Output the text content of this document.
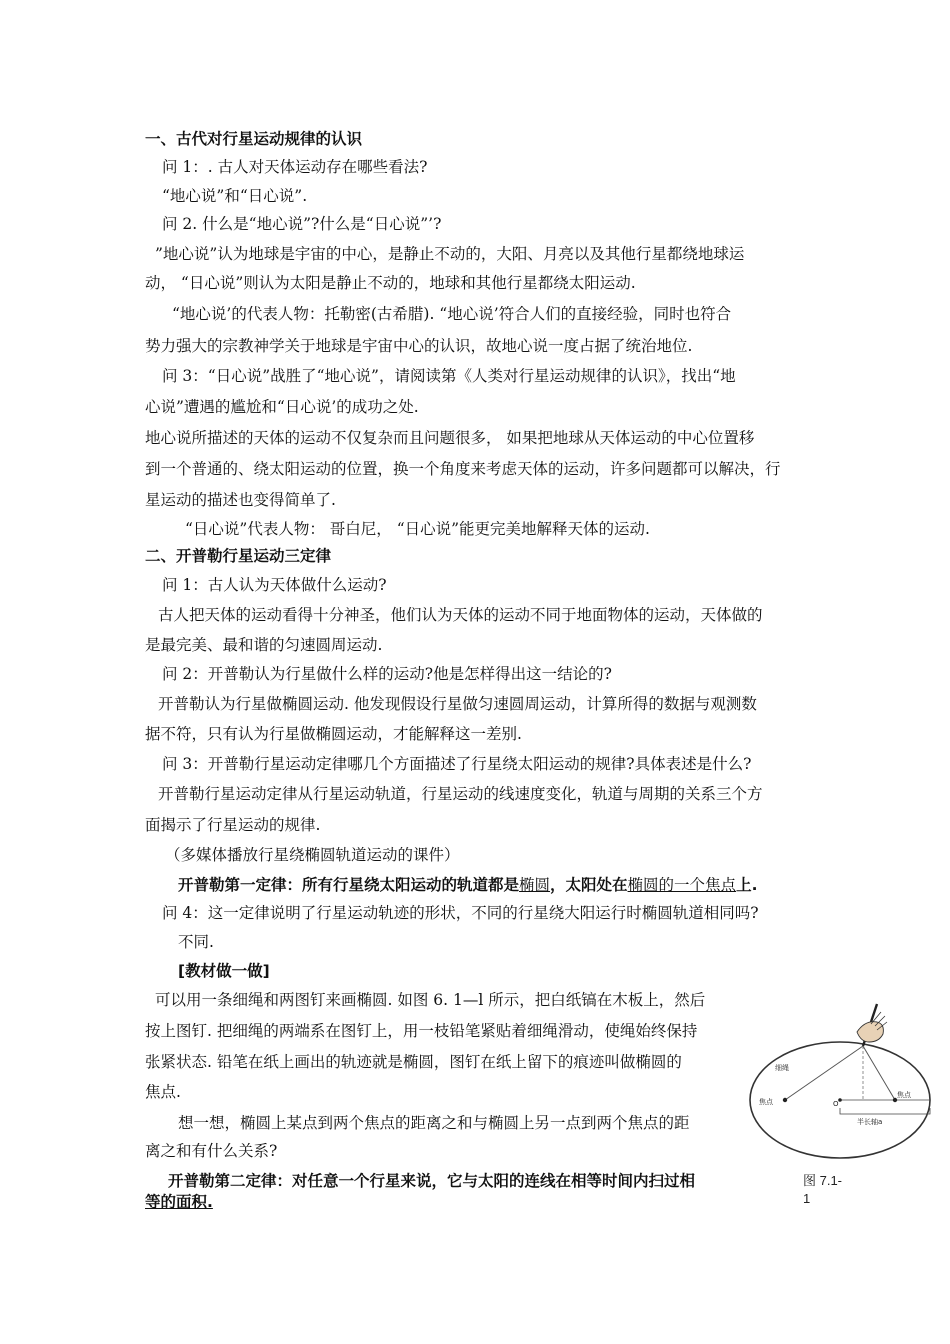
一、古代对行星运动规律的认识
问 1：. 古人对天体运动存在哪些看法?
“地心说”和“日心说”.
问 2. 什么是“地心说”?什么是“日心说”’?
”地心说”认为地球是宇宙的中心，是静止不动的，大阳、月亮以及其他行星都绕地球运
动， “日心说”则认为太阳是静止不动的，地球和其他行星都绕太阳运动.
“地心说’的代表人物：托勒密(古希腊). “地心说’符合人们的直接经验，同时也符合
势力强大的宗教神学关于地球是宇宙中心的认识，故地心说一度占据了统治地位.
问 3：“日心说”战胜了“地心说”，请阅读第《人类对行星运动规律的认识》，找出“地
心说”遭遇的尴尬和“日心说’的成功之处.
地心说所描述的天体的运动不仅复杂而且问题很多， 如果把地球从天体运动的中心位置移
到一个普通的、绕太阳运动的位置，换一个角度来考虑天体的运动，许多问题都可以解决，行
星运动的描述也变得简单了.
“日心说”代表人物： 哥白尼， “日心说”能更完美地解释天体的运动.
二、开普勒行星运动三定律
问 1：古人认为天体做什么运动?
古人把天体的运动看得十分神圣，他们认为天体的运动不同于地面物体的运动，天体做的
是最完美、最和谐的匀速圆周运动.
问 2：开普勒认为行星做什么样的运动?他是怎样得出这一结论的?
开普勒认为行星做椭圆运动. 他发现假设行星做匀速圆周运动，计算所得的数据与观测数
据不符，只有认为行星做椭圆运动，才能解释这一差别.
问 3：开普勒行星运动定律哪几个方面描述了行星绕太阳运动的规律?具体表述是什么?
开普勒行星运动定律从行星运动轨道，行星运动的线速度变化，轨道与周期的关系三个方
面揭示了行星运动的规律.
（多媒体播放行星绕椭圆轨道运动的课件）
开普勒第一定律：所有行星绕太阳运动的轨道都是椭圆，太阳处在椭圆的一个焦点上.
问 4：这一定律说明了行星运动轨迹的形状，不同的行星绕大阳运行时椭圆轨道相同吗?
不同.
[教材做一做]
可以用一条细绳和两图钉来画椭圆. 如图 6. 1—l 所示，把白纸镐在木板上，然后
按上图钉. 把细绳的两端系在图钉上，用一枝铅笔紧贴着细绳滑动，使绳始终保持
张紧状态. 铅笔在纸上画出的轨迹就是椭圆，图钉在纸上留下的痕迹叫做椭圆的
焦点.
想一想，椭圆上某点到两个焦点的距离之和与椭圆上另一点到两个焦点的距
离之和有什么关系?
开普勒第二定律：对任意一个行星来说，它与太阳的连线在相等时间内扫过相
等的面积.
细绳
焦点
焦点
O
半长轴a
图 7.1-
1
